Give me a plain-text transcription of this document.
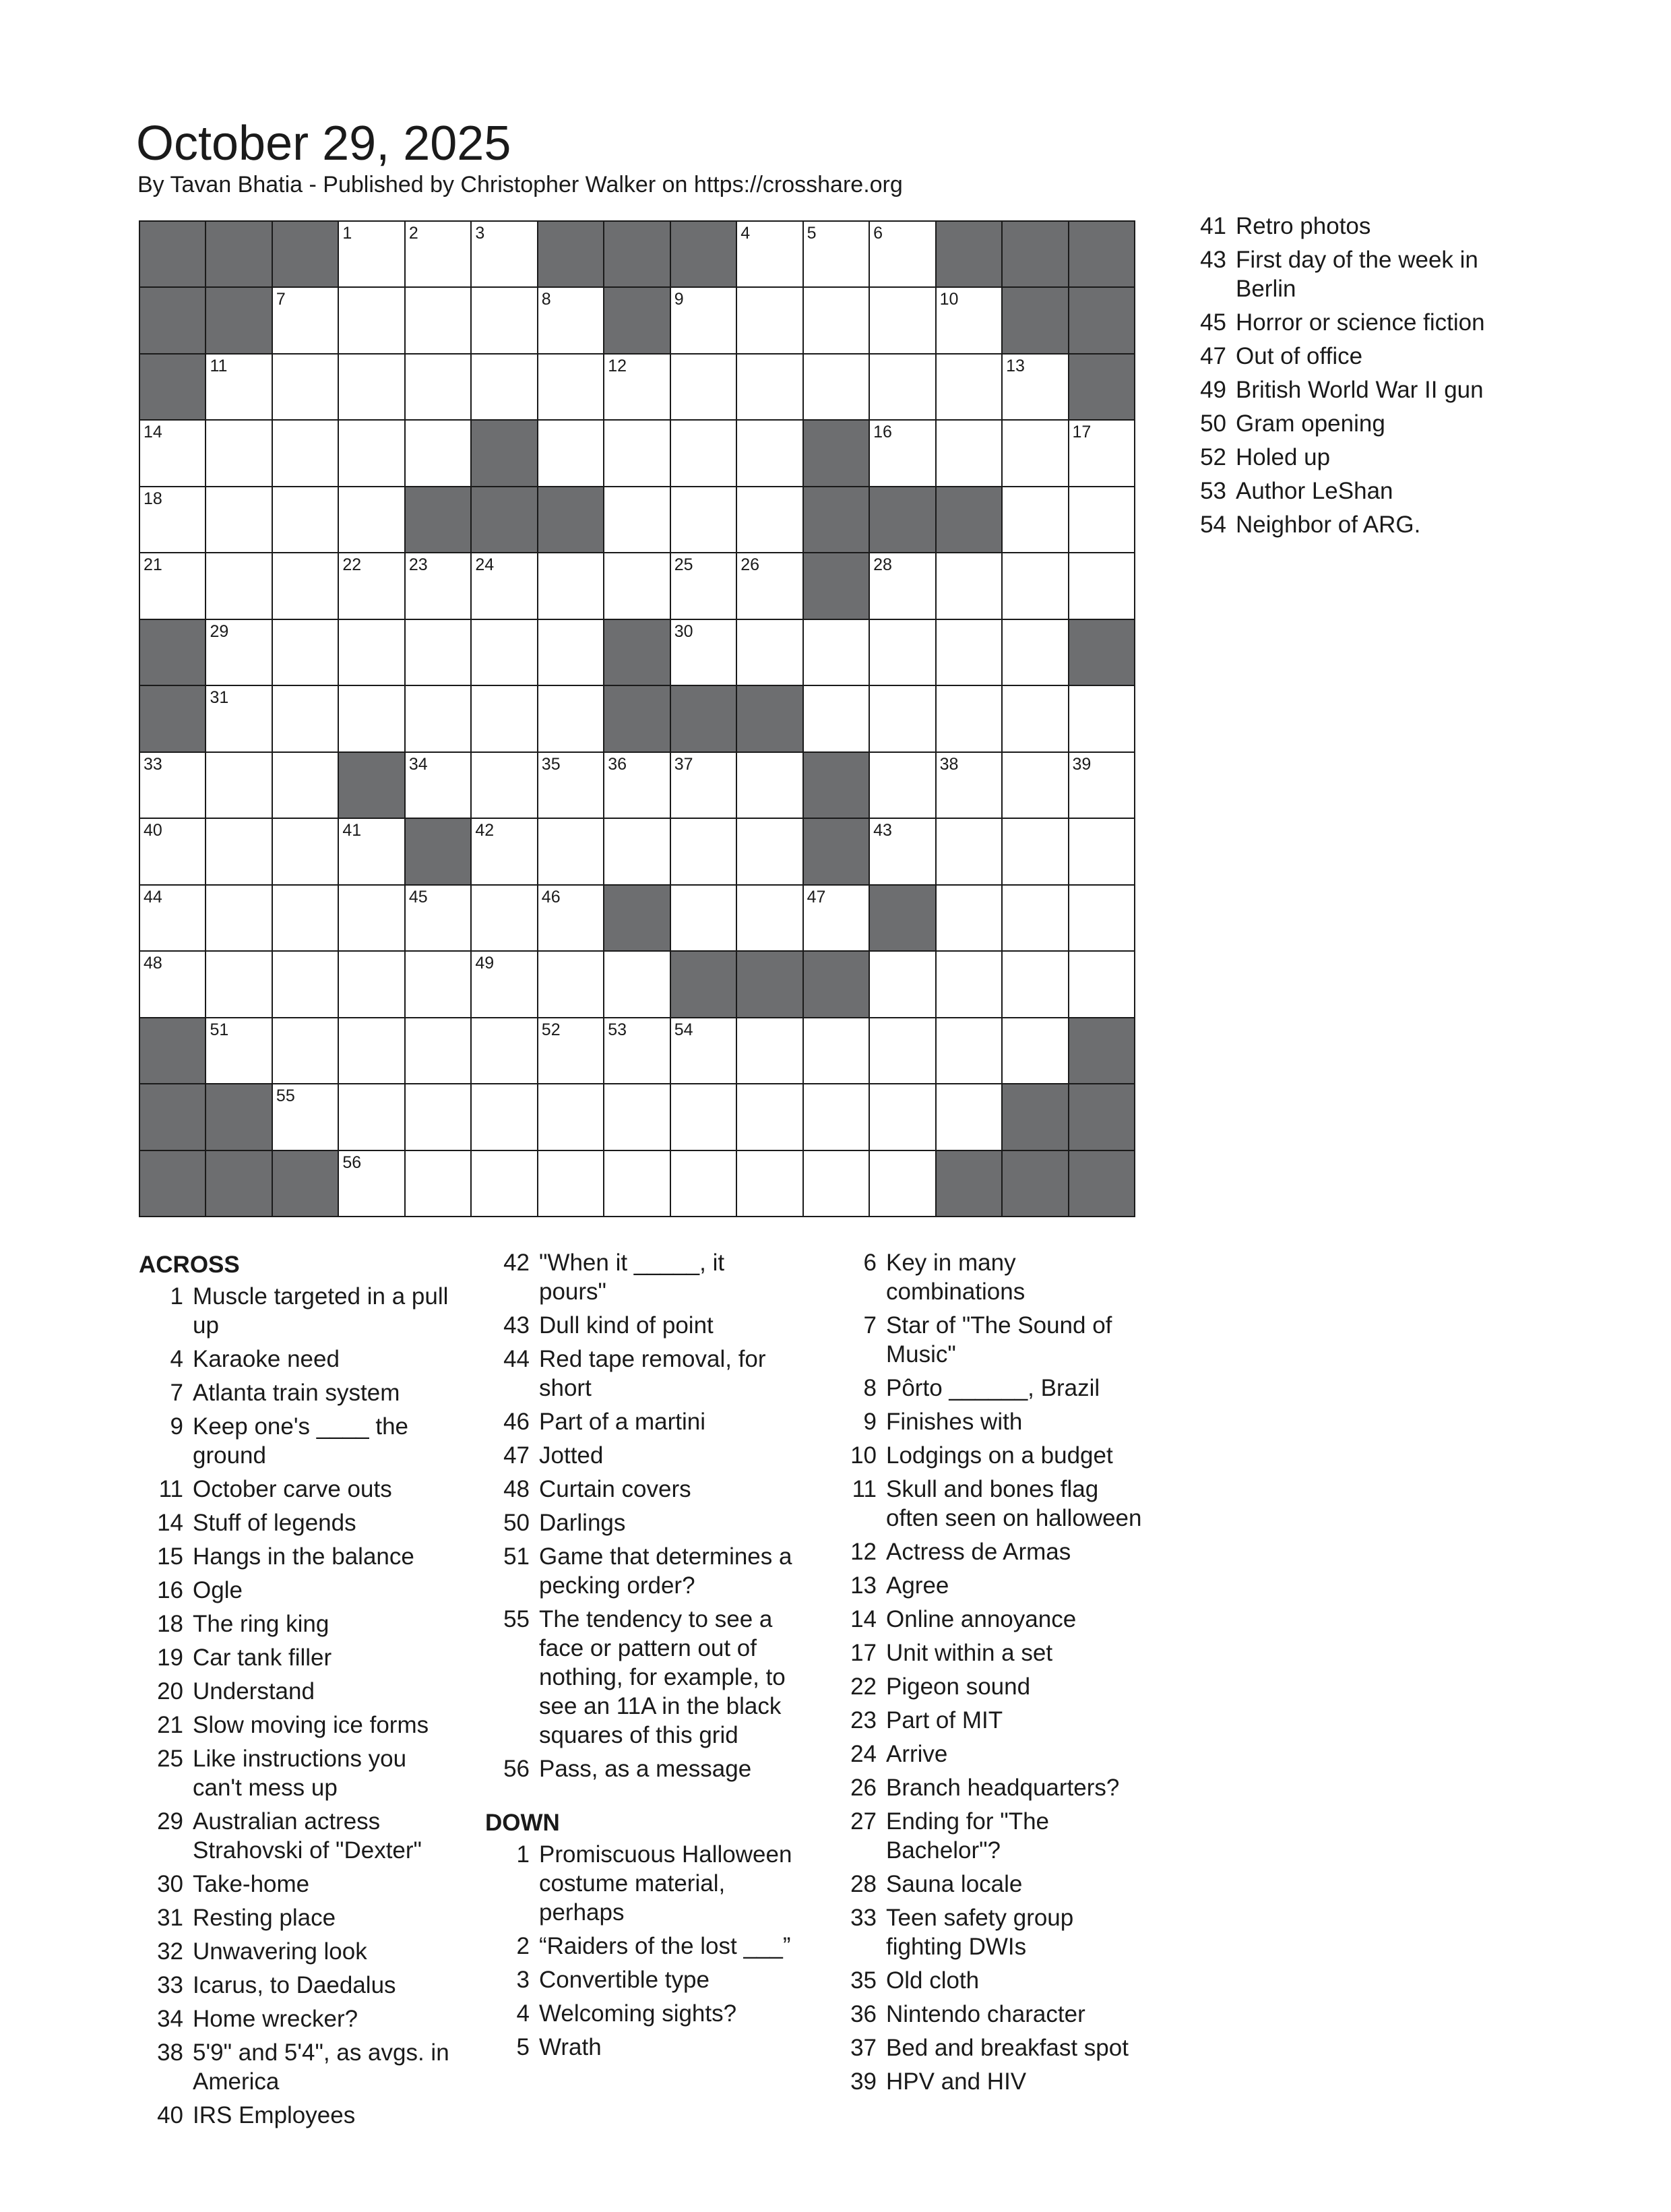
October 29, 2025
By Tavan Bhatia - Published by Christopher Walker on https://crosshare.org
1	2	3	4	5	6
7	8	9	10
11	12	13
14	16	17
18
21	22	23	24	25	26	28
29	30
31
33	34	35	36	37	38	39
40	41	42	43
44	45	46	47
48	49
51	52	53	54
55
56
ACROSS
1 Muscle targeted in a pull up
4 Karaoke need
7 Atlanta train system
9 Keep one's ____ the ground
11 October carve outs
14 Stuff of legends
15 Hangs in the balance
16 Ogle
18 The ring king
19 Car tank filler
20 Understand
21 Slow moving ice forms
25 Like instructions you can't mess up
29 Australian actress Strahovski of "Dexter"
30 Take-home
31 Resting place
32 Unwavering look
33 Icarus, to Daedalus
34 Home wrecker?
38 5'9" and 5'4", as avgs. in America
40 IRS Employees
42 "When it _____, it pours"
43 Dull kind of point
44 Red tape removal, for short
46 Part of a martini
47 Jotted
48 Curtain covers
50 Darlings
51 Game that determines a pecking order?
55 The tendency to see a face or pattern out of nothing, for example, to see an 11A in the black squares of this grid
56 Pass, as a message
DOWN
1 Promiscuous Halloween costume material, perhaps
2 “Raiders of the lost ___”
3 Convertible type
4 Welcoming sights?
5 Wrath
6 Key in many combinations
7 Star of "The Sound of Music"
8 Pôrto ______, Brazil
9 Finishes with
10 Lodgings on a budget
11 Skull and bones flag often seen on halloween
12 Actress de Armas
13 Agree
14 Online annoyance
17 Unit within a set
22 Pigeon sound
23 Part of MIT
24 Arrive
26 Branch headquarters?
27 Ending for "The Bachelor"?
28 Sauna locale
33 Teen safety group fighting DWIs
35 Old cloth
36 Nintendo character
37 Bed and breakfast spot
39 HPV and HIV
41 Retro photos
43 First day of the week in Berlin
45 Horror or science fiction
47 Out of office
49 British World War II gun
50 Gram opening
52 Holed up
53 Author LeShan
54 Neighbor of ARG.
